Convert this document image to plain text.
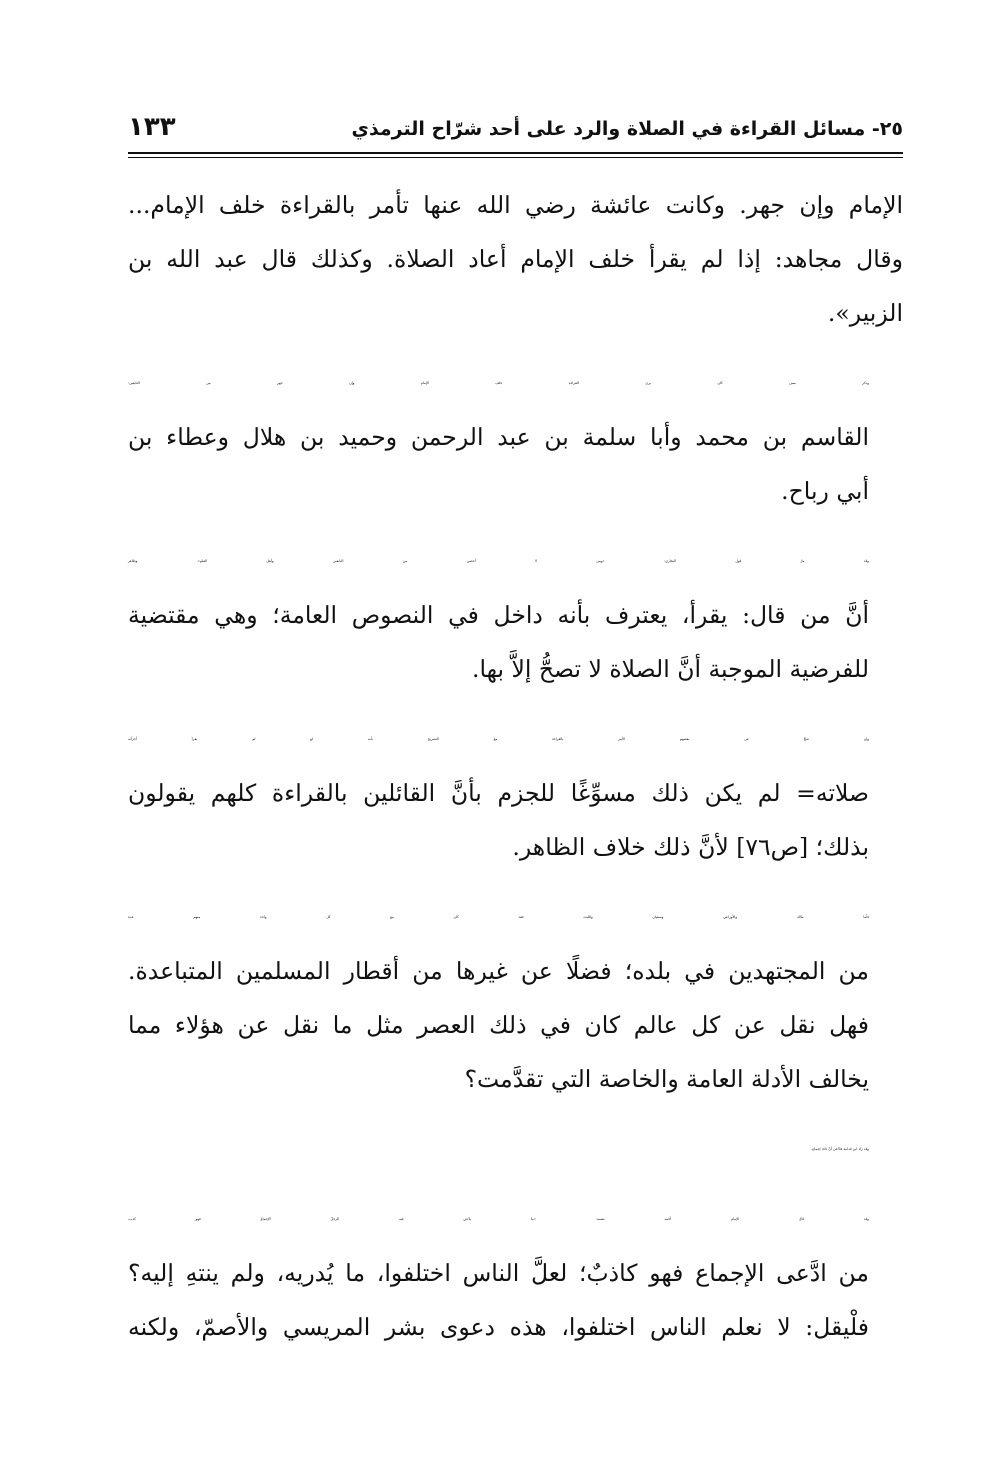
٢٥- مسائل القراءة في الصلاة والرد على أحد شرّاح الترمذي
١٣٣

الإمام وإن جهر. وكانت عائشة رضي الله عنها تأمر بالقراءة خلف الإمام...
وقال مجاهد: إذا لم يقرأ خلف الإمام أعاد الصلاة. وكذلك قال عبد الله بن
الزبير».

وذكر ممن كان يرى القراءة خلف الإمام وإن جهر من التابعين:
القاسم بن محمد وأبا سلمة بن عبد الرحمن وحميد بن هلال وعطاء بن
أبي رباح.

وقد مرَّ قول البخاري: «ومن لا أحصي من التابعين وأهل العلم». وظاهر
أنَّ من قال: يقرأ، يعترف بأنه داخل في النصوص العامة؛ وهي مقتضية
للفرضية الموجبة أنَّ الصلاة لا تصحُّ إلاَّ بها.

وإن صحَّ عن بعضهم الأمر بالقراءة مع التصريح بأنه لو لم يقرأ أجزأته
صلاته= لم يكن ذلك مسوِّغًا للجزم بأنَّ القائلين بالقراءة كلهم يقولون
بذلك؛ [ص٧٦] لأنَّ ذلك خلاف الظاهر.

فأما مالك والأوزاعي وسفيان والليث فقد كان مع كل واحد منهم عدة
من المجتهدين في بلده؛ فضلًا عن غيرها من أقطار المسلمين المتباعدة.
فهل نقل عن كل عالم كان في ذلك العصر مثل ما نقل عن هؤلاء مما
يخالف الأدلة العامة والخاصة التي تقدَّمت؟

وقد زاد ابن قدامة فادَّعى أنَّ ذلك إجماع.

وقد قال الإمام أحمد نفسه: «ما يدَّعي فيه الرجلُ الإجماعَ فهو كذب،
من ادَّعى الإجماع فهو كاذبٌ؛ لعلَّ الناس اختلفوا، ما يُدريه، ولم ينتهِ إليه؟
فلْيقل: لا نعلم الناس اختلفوا، هذه دعوى بشر المريسي والأصمّ، ولكنه
